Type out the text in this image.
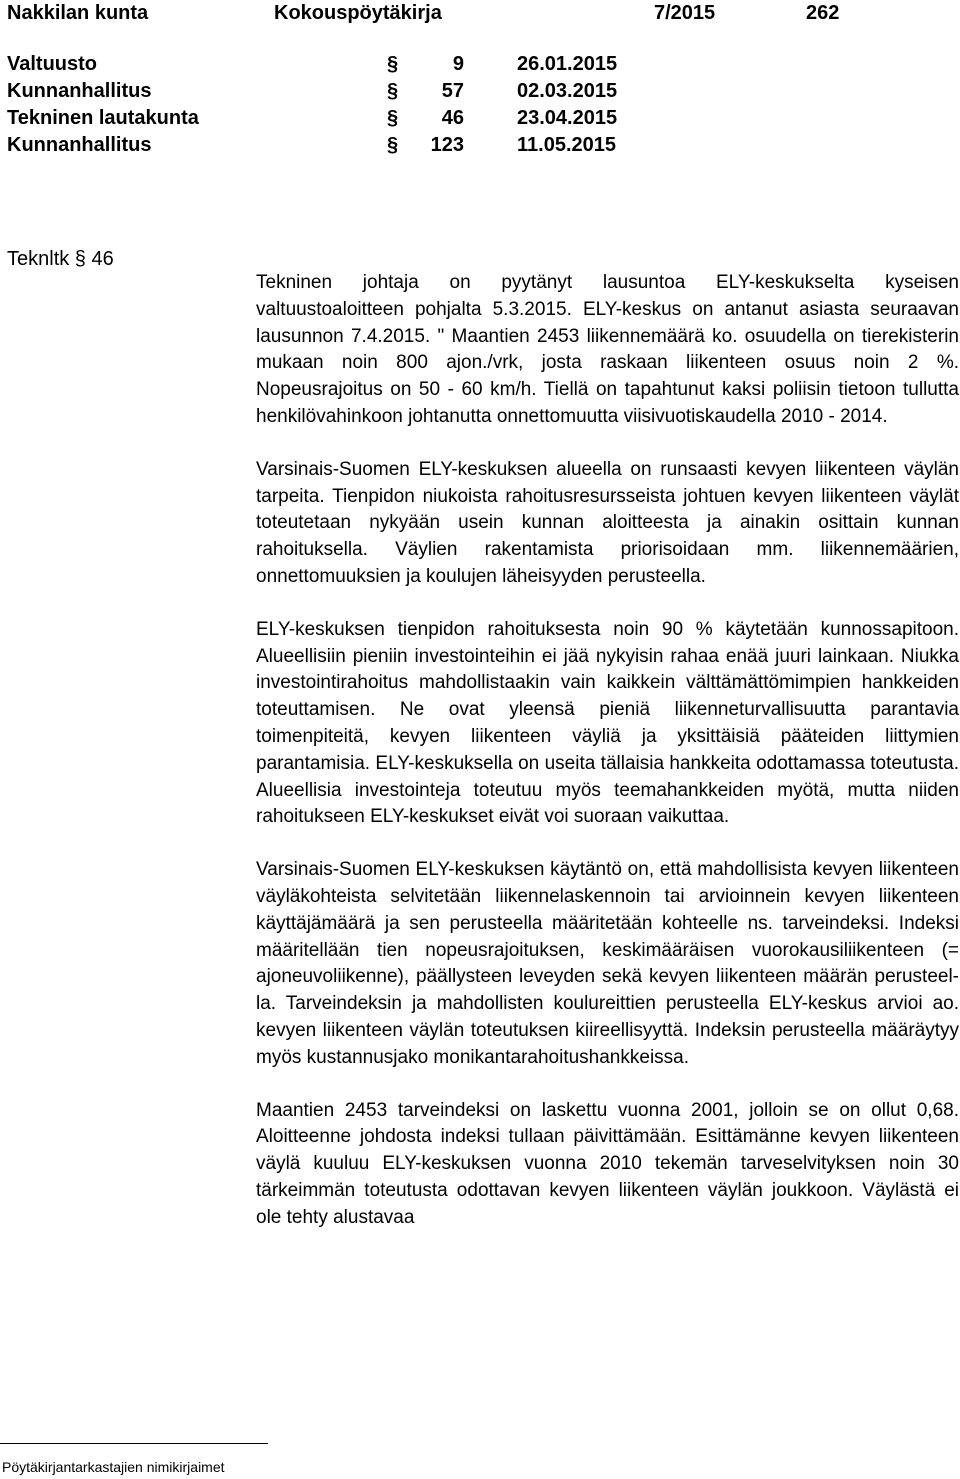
Nakkilan kunta	Kokouspöytäkirja	7/2015	262
Valtuusto	§	9	26.01.2015
Kunnanhallitus	§	57	02.03.2015
Tekninen lautakunta	§	46	23.04.2015
Kunnanhallitus	§	123	11.05.2015
Teknltk § 46

Tekninen johtaja on pyytänyt lausuntoa ELY-keskukselta kyseisen valtuustoaloitteen pohjalta 5.3.2015. ELY-keskus on antanut asiasta seuraavan lausunnon 7.4.2015. " Maantien 2453 liikennemäärä ko. osuudella on tierekisterin mukaan noin 800 ajon./vrk, josta raskaan liikenteen osuus noin 2 %. Nopeusrajoitus on 50 - 60 km/h. Tiellä on tapahtunut kaksi poliisin tietoon tullutta henkilövahinkoon johtanutta onnettomuutta viisivuotiskaudella 2010 - 2014.

Varsinais-Suomen ELY-keskuksen alueella on runsaasti kevyen liikenteen väylän tarpeita. Tienpidon niukoista rahoitusresursseista johtuen kevyen liikenteen väylät toteutetaan nykyään usein kunnan aloitteesta ja ainakin osittain kunnan rahoituksella. Väylien rakentamista priorisoidaan mm. liikennemäärien, onnettomuuksien ja koulujen läheisyyden perusteella.

ELY-keskuksen tienpidon rahoituksesta noin 90 % käytetään kunnossapitoon. Alueellisiin pieniin investointeihin ei jää nykyisin rahaa enää juuri lainkaan. Niukka investointirahoitus mahdollistaakin vain kaikkein välttämättömimpien hankkeiden toteuttamisen. Ne ovat yleensä pieniä liikenneturvallisuutta parantavia toimenpiteitä, kevyen liikenteen väyliä ja yksittäisiä pääteiden liittymien parantamisia. ELY-keskuksella on useita tällaisia hankkeita odottamassa toteutusta. Alueellisia investointeja toteutuu myös teemahankkeiden myötä, mutta niiden rahoitukseen ELY-keskukset eivät voi suoraan vaikuttaa.

Varsinais-Suomen ELY-keskuksen käytäntö on, että mahdollisista kevyen liikenteen väyläkohteista selvitetään liikennelaskennoin tai arvioinnein kevyen liikenteen käyttäjämäärä ja sen perusteella määritetään kohteelle ns. tarveindeksi. Indeksi määritellään tien nopeusrajoituksen, keskimääräisen vuorokausiliikenteen (= ajoneuvoliikenne), päällysteen leveyden sekä kevyen liikenteen määrän perusteella. Tarveindeksin ja mahdollisten koulureittien perusteella ELY-keskus arvioi ao. kevyen liikenteen väylän toteutuksen kiireellisyyttä. Indeksin perusteella määräytyy myös kustannusjako monikantarahoitushankkeissa.

Maantien 2453 tarveindeksi on laskettu vuonna 2001, jolloin se on ollut 0,68. Aloitteenne johdosta indeksi tullaan päivittämään. Esittämänne kevyen liikenteen väylä kuuluu ELY-keskuksen vuonna 2010 tekemän tarveselvityksen noin 30 tärkeimmän toteutusta odottavan kevyen liikenteen väylän joukkoon. Väylästä ei ole tehty alustavaa

Pöytäkirjantarkastajien nimikirjaimet
